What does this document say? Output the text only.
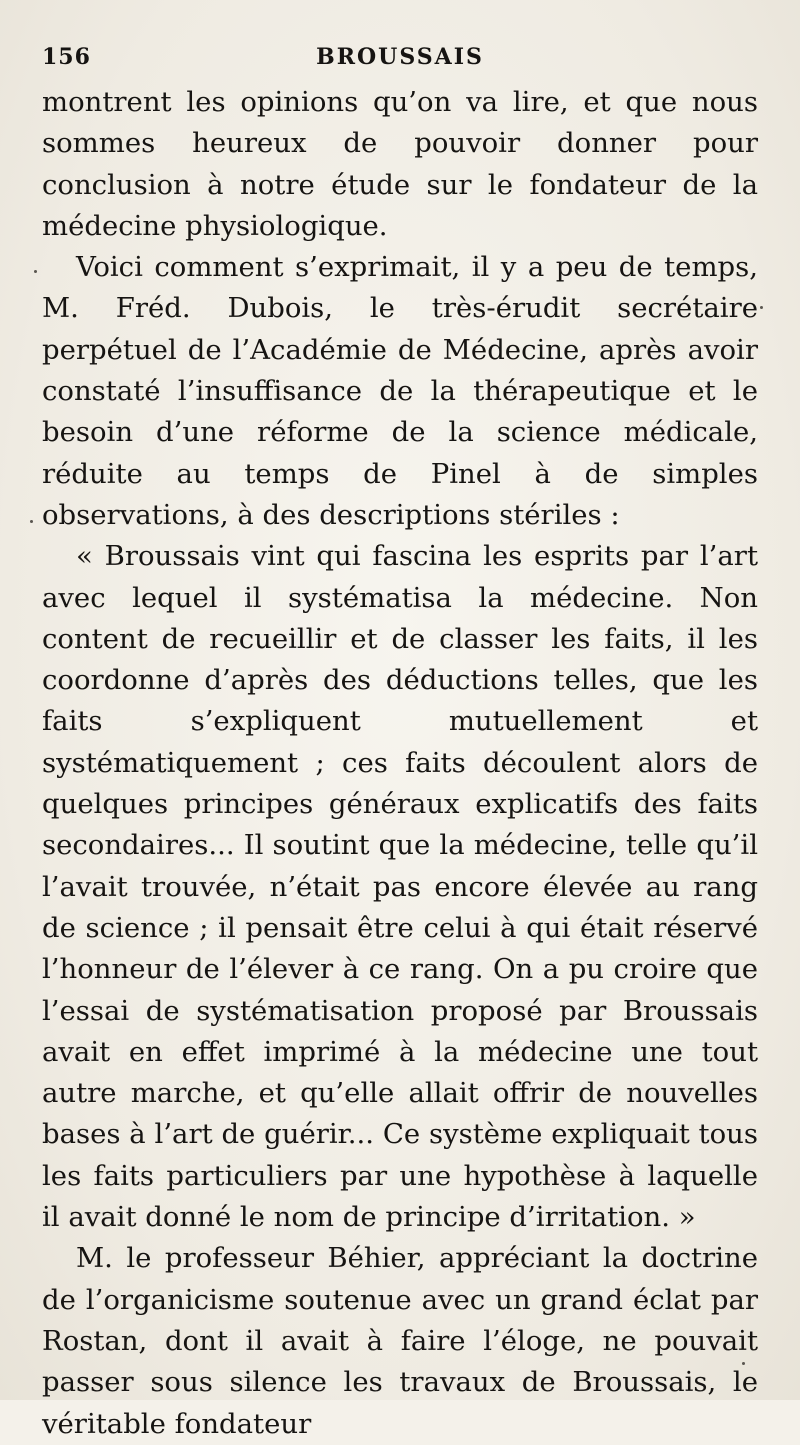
156	BROUSSAIS

montrent les opinions qu’on va lire, et que nous sommes heureux de pouvoir donner pour conclusion à notre étude sur le fondateur de la médecine physiologique.

Voici comment s’exprimait, il y a peu de temps, M. Fréd. Dubois, le très-érudit secrétaire perpétuel de l’Académie de Médecine, après avoir constaté l’insuffisance de la thérapeutique et le besoin d’une réforme de la science médicale, réduite au temps de Pinel à de simples observations, à des descriptions stériles :

« Broussais vint qui fascina les esprits par l’art avec lequel il systématisa la médecine. Non content de recueillir et de classer les faits, il les coordonne d’après des déductions telles, que les faits s’expliquent mutuellement et systématiquement ; ces faits découlent alors de quelques principes généraux explicatifs des faits secondaires... Il soutint que la médecine, telle qu’il l’avait trouvée, n’était pas encore élevée au rang de science ; il pensait être celui à qui était réservé l’honneur de l’élever à ce rang. On a pu croire que l’essai de systématisation proposé par Broussais avait en effet imprimé à la médecine une tout autre marche, et qu’elle allait offrir de nouvelles bases à l’art de guérir... Ce système expliquait tous les faits particuliers par une hypothèse à laquelle il avait donné le nom de principe d’irritation. »

M. le professeur Béhier, appréciant la doctrine de l’organicisme soutenue avec un grand éclat par Rostan, dont il avait à faire l’éloge, ne pouvait passer sous silence les travaux de Broussais, le véritable fondateur
